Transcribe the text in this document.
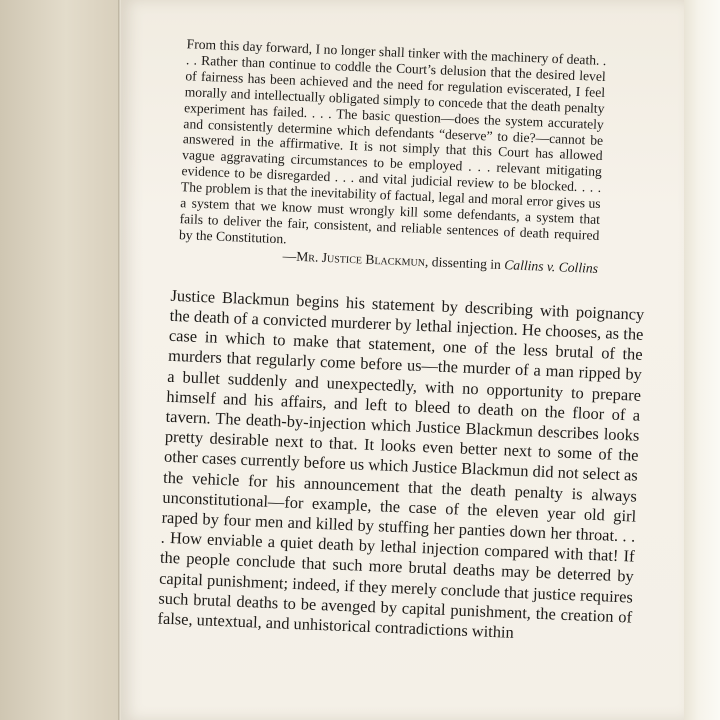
From this day forward, I no longer shall tinker with the machinery of death. . . . Rather than continue to coddle the Court’s delusion that the desired level of fairness has been achieved and the need for regulation eviscerated, I feel morally and intellectually obligated simply to concede that the death penalty experiment has failed. . . . The basic question—does the system accurately and consistently determine which defendants “deserve” to die?—cannot be answered in the affirmative. It is not simply that this Court has allowed vague aggravating circumstances to be employed . . . relevant mitigating evidence to be disregarded . . . and vital judicial review to be blocked. . . . The problem is that the inevitability of factual, legal and moral error gives us a system that we know must wrongly kill some defendants, a system that fails to deliver the fair, consistent, and reliable sentences of death required by the Constitution.

—Mr. Justice Blackmun, dissenting in Callins v. Collins

Justice Blackmun begins his statement by describing with poignancy the death of a convicted murderer by lethal injection. He chooses, as the case in which to make that statement, one of the less brutal of the murders that regularly come before us—the murder of a man ripped by a bullet suddenly and unexpectedly, with no opportunity to prepare himself and his affairs, and left to bleed to death on the floor of a tavern. The death-by-injection which Justice Blackmun describes looks pretty desirable next to that. It looks even better next to some of the other cases currently before us which Justice Blackmun did not select as the vehicle for his announcement that the death penalty is always unconstitutional—for example, the case of the eleven year old girl raped by four men and killed by stuffing her panties down her throat. . . . How enviable a quiet death by lethal injection compared with that! If the people conclude that such more brutal deaths may be deterred by capital punishment; indeed, if they merely conclude that justice requires such brutal deaths to be avenged by capital punishment, the creation of false, untextual, and unhistorical contradictions within
